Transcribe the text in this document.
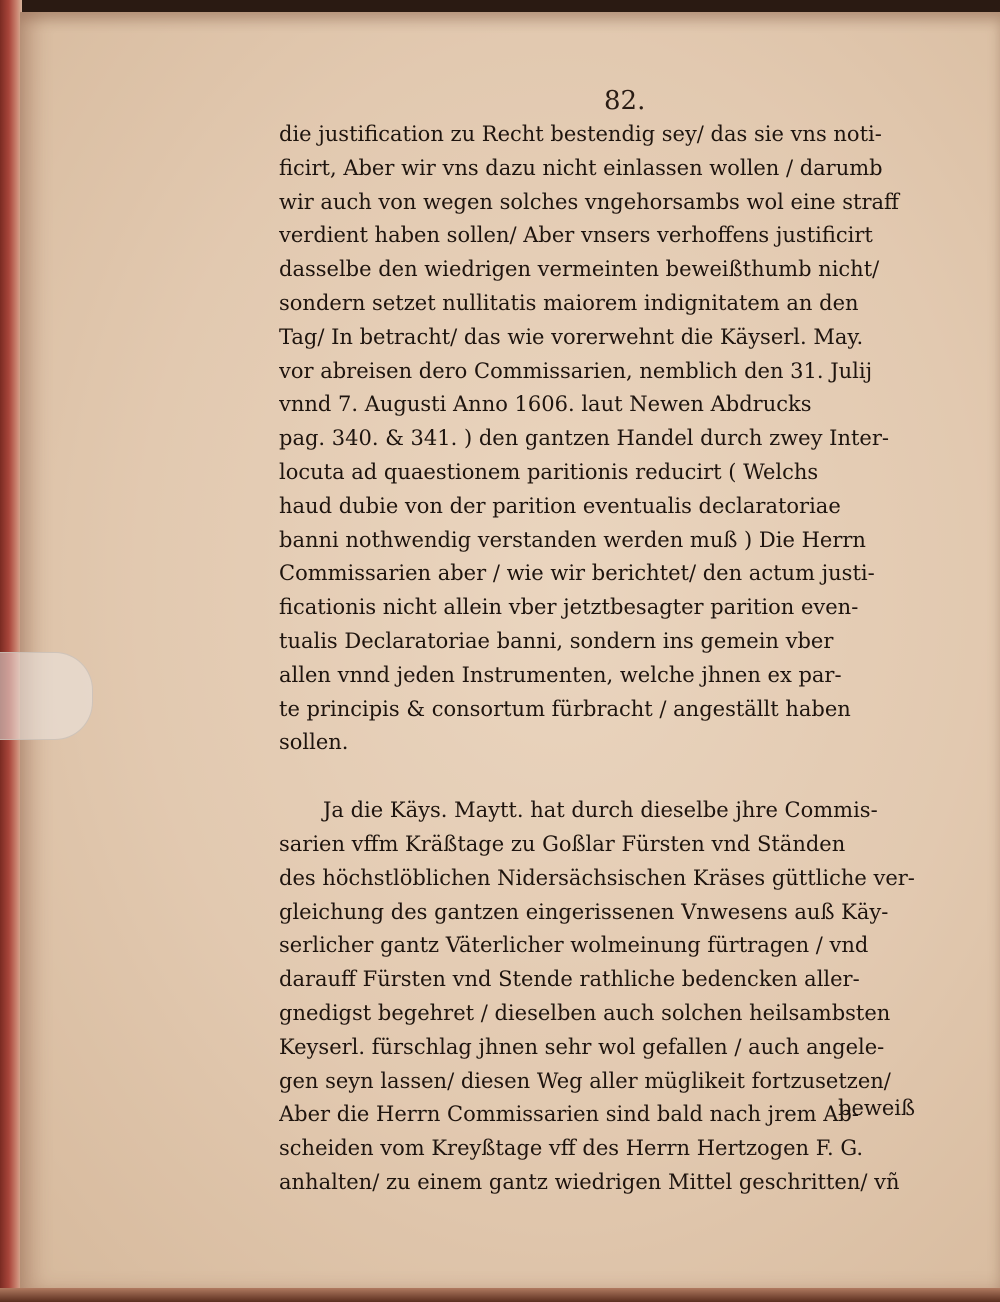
82.

die justification zu Recht bestendig sey/ das sie vns noti-
ficirt, Aber wir vns dazu nicht einlassen wollen / darumb
wir auch von wegen solches vngehorsambs wol eine straff
verdient haben sollen/ Aber vnsers verhoffens justificirt
dasselbe den wiedrigen vermeinten beweißthumb nicht/
sondern setzet nullitatis maiorem indignitatem an den
Tag/ In betracht/ das wie vorerwehnt die Käyserl. May.
vor abreisen dero Commissarien, nemblich den 31. Julij
vnnd 7. Augusti Anno 1606. laut Newen Abdrucks
pag. 340. & 341. ) den gantzen Handel durch zwey Inter-
locuta ad quaestionem paritionis reducirt ( Welchs
haud dubie von der parition eventualis declaratoriae
banni nothwendig verstanden werden muß ) Die Herrn
Commissarien aber / wie wir berichtet/ den actum justi-
ficationis nicht allein vber jetztbesagter parition even-
tualis Declaratoriae banni, sondern ins gemein vber
allen vnnd jeden Instrumenten, welche jhnen ex par-
te principis & consortum fürbracht / angeställt haben
sollen.
Ja die Käys. Maytt. hat durch dieselbe jhre Commis-
sarien vffm Kräßtage zu Goßlar Fürsten vnd Ständen
des höchstlöblichen Nidersächsischen Kräses güttliche ver-
gleichung des gantzen eingerissenen Vnwesens auß Käy-
serlicher gantz Väterlicher wolmeinung fürtragen / vnd
darauff Fürsten vnd Stende rathliche bedencken aller-
gnedigst begehret / dieselben auch solchen heilsambsten
Keyserl. fürschlag jhnen sehr wol gefallen / auch angele-
gen seyn lassen/ diesen Weg aller müglikeit fortzusetzen/
Aber die Herrn Commissarien sind bald nach jrem Ab-
scheiden vom Kreyßtage vff des Herrn Hertzogen F. G.
anhalten/ zu einem gantz wiedrigen Mittel geschritten/ vñ
beweiß
